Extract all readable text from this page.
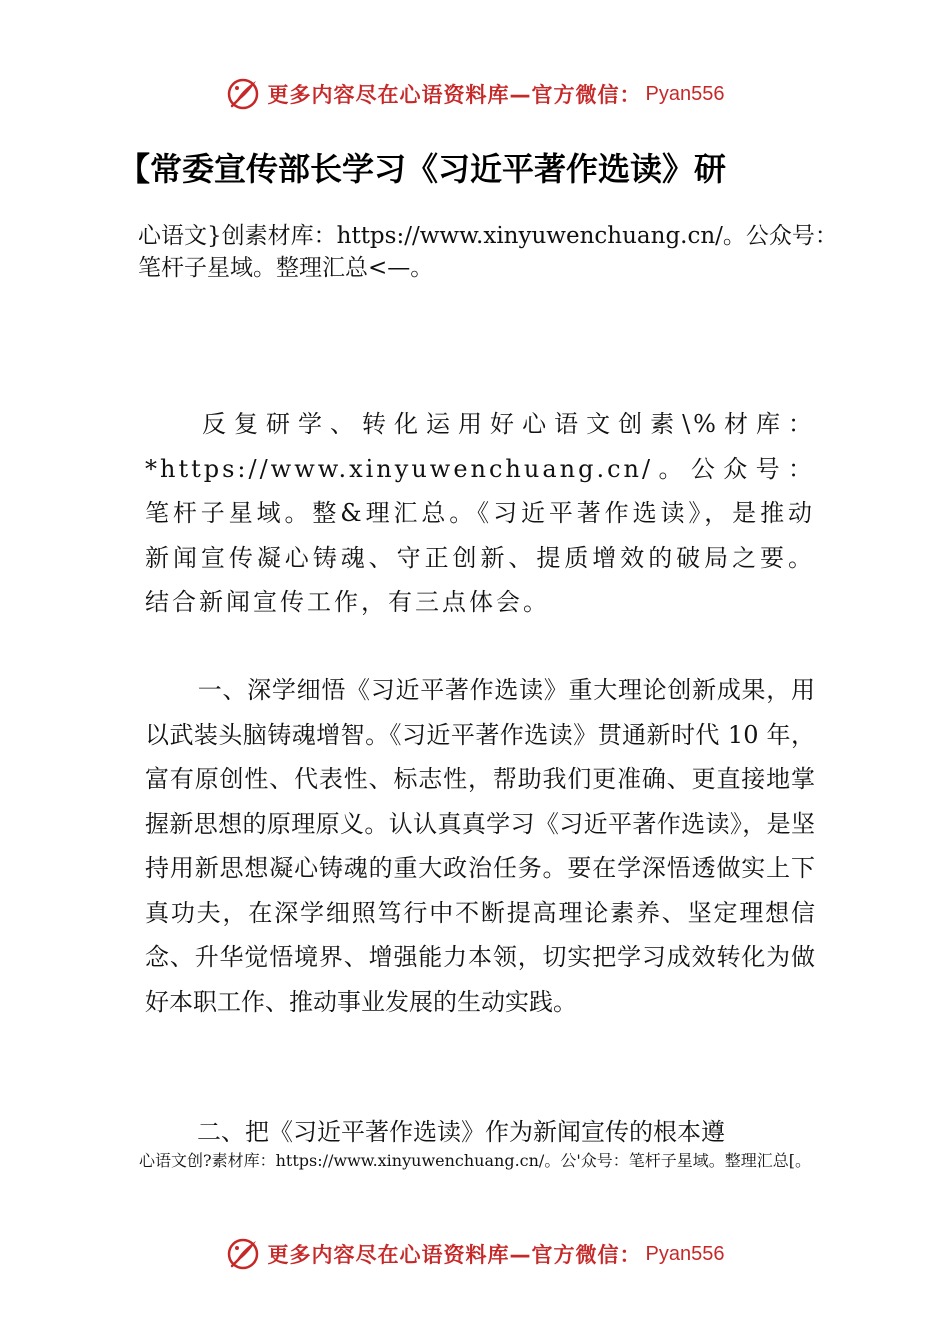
更多内容尽在心语资料库—官方微信： Pyan556
【常委宣传部长学习《习近平著作选读》研
心语文}创素材库：https://www.xinyuwenchuang.cn/。公众号：笔杆子星域。整理汇总<—。

反复研学、转化运用好心语文创素\%材库：*https://www.xinyuwenchuang.cn/。公众号：笔杆子星域。整&理汇总。《习近平著作选读》，是推动新闻宣传凝心铸魂、守正创新、提质增效的破局之要。结合新闻宣传工作，有三点体会。

一、深学细悟《习近平著作选读》重大理论创新成果，用以武装头脑铸魂增智。《习近平著作选读》贯通新时代 10 年，富有原创性、代表性、标志性，帮助我们更准确、更直接地掌握新思想的原理原义。认认真真学习《习近平著作选读》，是坚持用新思想凝心铸魂的重大政治任务。要在学深悟透做实上下真功夫，在深学细照笃行中不断提高理论素养、坚定理想信念、升华觉悟境界、增强能力本领，切实把学习成效转化为做好本职工作、推动事业发展的生动实践。

二、把《习近平著作选读》作为新闻宣传的根本遵

心语文创?素材库：https://www.xinyuwenchuang.cn/。公'众号：笔杆子星域。整理汇总[。
更多内容尽在心语资料库—官方微信： Pyan556
